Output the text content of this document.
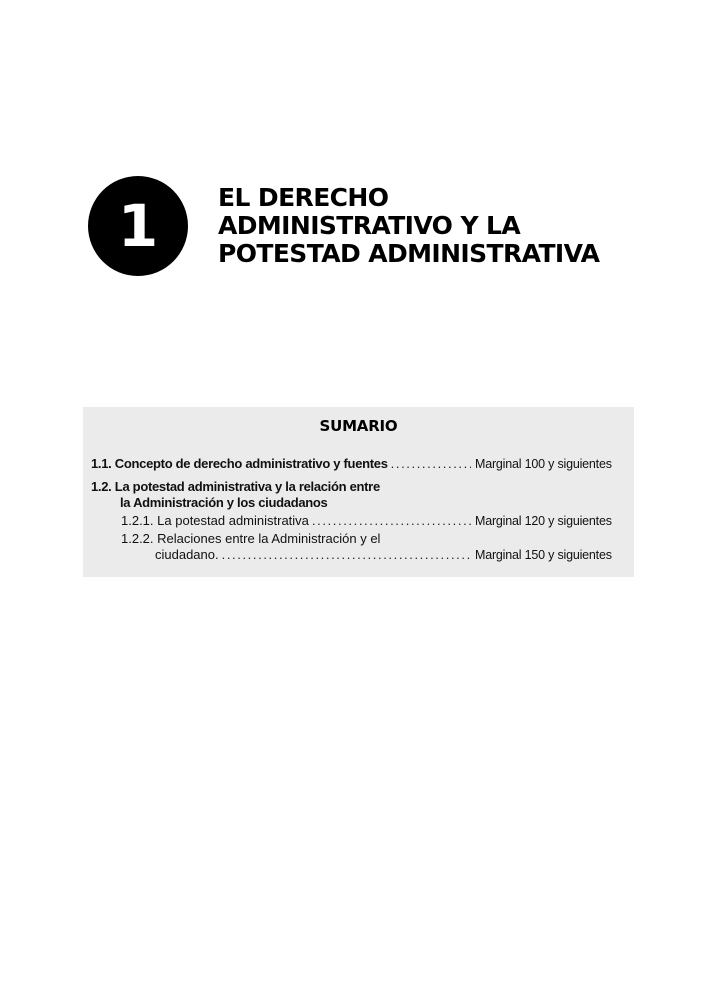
1 EL DERECHO
ADMINISTRATIVO Y LA
POTESTAD ADMINISTRATIVA
SUMARIO
1.1. Concepto de derecho administrativo y fuentes .....	Marginal 100 y siguientes
1.2. La potestad administrativa y la relación entre
la Administración y los ciudadanos
1.2.1. La potestad administrativa .....	Marginal 120 y siguientes
1.2.2. Relaciones entre la Administración y el
ciudadano. .....	Marginal 150 y siguientes
